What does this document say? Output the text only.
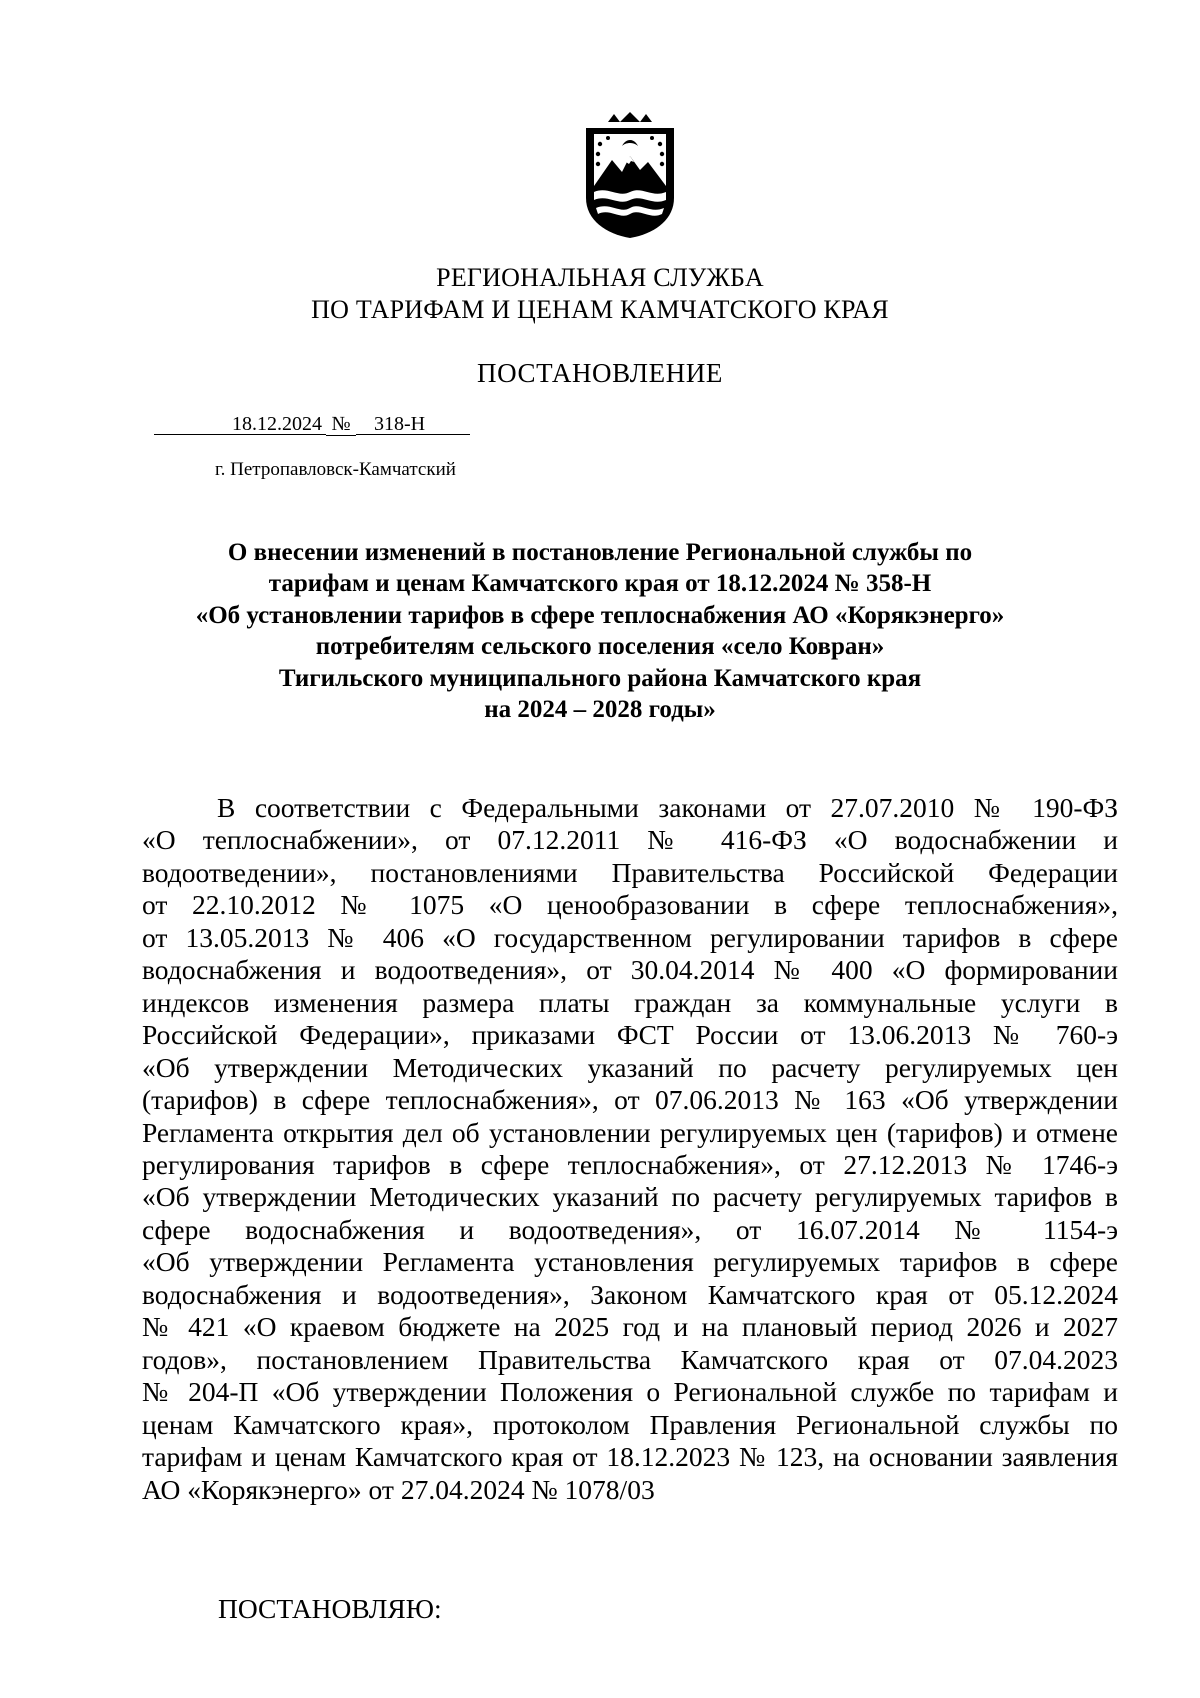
РЕГИОНАЛЬНАЯ СЛУЖБА
ПО ТАРИФАМ И ЦЕНАМ КАМЧАТСКОГО КРАЯ
ПОСТАНОВЛЕНИЕ
18.12.2024 № 318-Н
г. Петропавловск-Камчатский
О внесении изменений в постановление Региональной службы по
тарифам и ценам Камчатского края от 18.12.2024 № 358-Н
«Об установлении тарифов в сфере теплоснабжения АО «Корякэнерго»
потребителям сельского поселения «село Ковран»
Тигильского муниципального района Камчатского края
на 2024 – 2028 годы»
В соответствии с Федеральными законами от 27.07.2010 № 190-ФЗ
«О теплоснабжении», от 07.12.2011 № 416-ФЗ «О водоснабжении и
водоотведении», постановлениями Правительства Российской Федерации
от 22.10.2012 № 1075 «О ценообразовании в сфере теплоснабжения»,
от 13.05.2013 № 406 «О государственном регулировании тарифов в сфере
водоснабжения и водоотведения», от 30.04.2014 № 400 «О формировании
индексов изменения размера платы граждан за коммунальные услуги в
Российской Федерации», приказами ФСТ России от 13.06.2013 № 760-э
«Об утверждении Методических указаний по расчету регулируемых цен
(тарифов) в сфере теплоснабжения», от 07.06.2013 № 163 «Об утверждении
Регламента открытия дел об установлении регулируемых цен (тарифов) и отмене
регулирования тарифов в сфере теплоснабжения», от 27.12.2013 № 1746-э
«Об утверждении Методических указаний по расчету регулируемых тарифов в
сфере водоснабжения и водоотведения», от 16.07.2014 № 1154-э
«Об утверждении Регламента установления регулируемых тарифов в сфере
водоснабжения и водоотведения», Законом Камчатского края от 05.12.2024
№ 421 «О краевом бюджете на 2025 год и на плановый период 2026 и 2027
годов», постановлением Правительства Камчатского края от 07.04.2023
№ 204-П «Об утверждении Положения о Региональной службе по тарифам и
ценам Камчатского края», протоколом Правления Региональной службы по
тарифам и ценам Камчатского края от 18.12.2023 № 123, на основании заявления
АО «Корякэнерго» от 27.04.2024 № 1078/03
ПОСТАНОВЛЯЮ:
